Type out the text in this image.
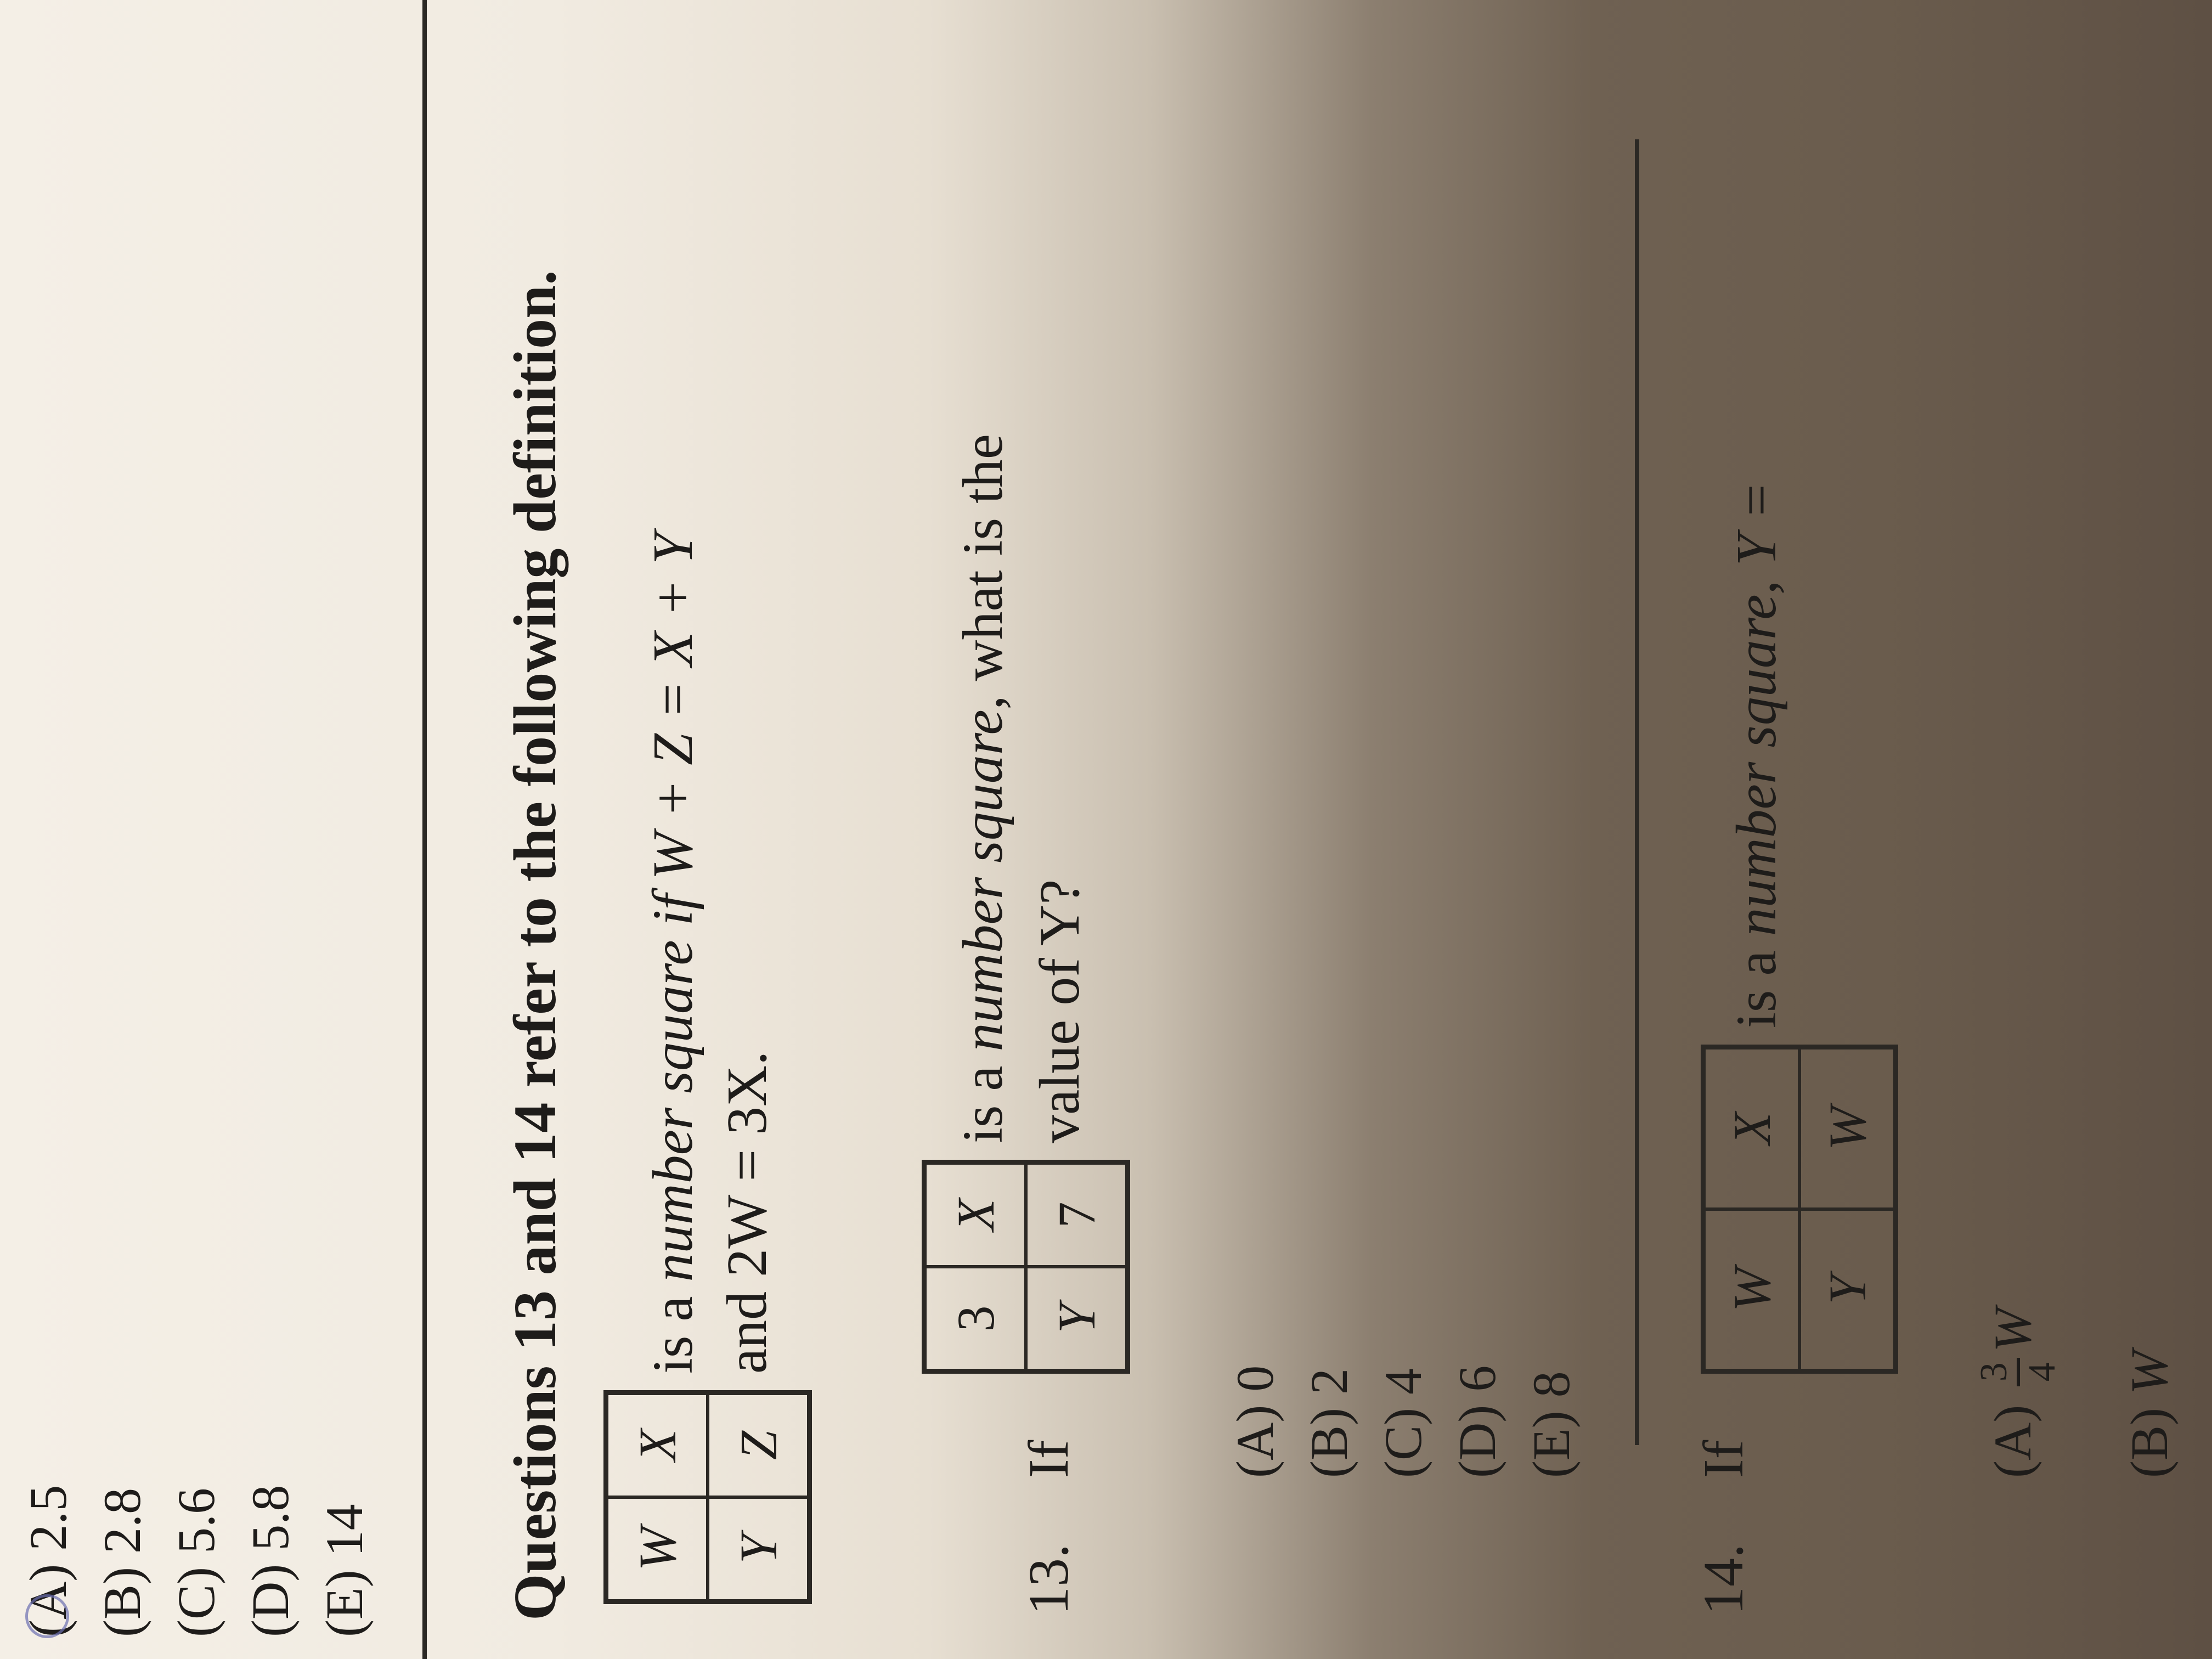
(A) 2.5
(B) 2.8
(C) 5.6
(D) 5.8
(E) 14 Questions 13 and 14 refer to the following definition.	W
X
Y
Z
is a number square if W + Z = X + Y
and 2W = 3X.
13.
If
3
X
Y
7
is a number square, what is the
value of Y?
(A) 0
(B) 2
(C) 4
(D) 6
(E) 8
14.
If
W
X
Y
W
is a number square, Y =
(A)
3 4
W
(B) W
